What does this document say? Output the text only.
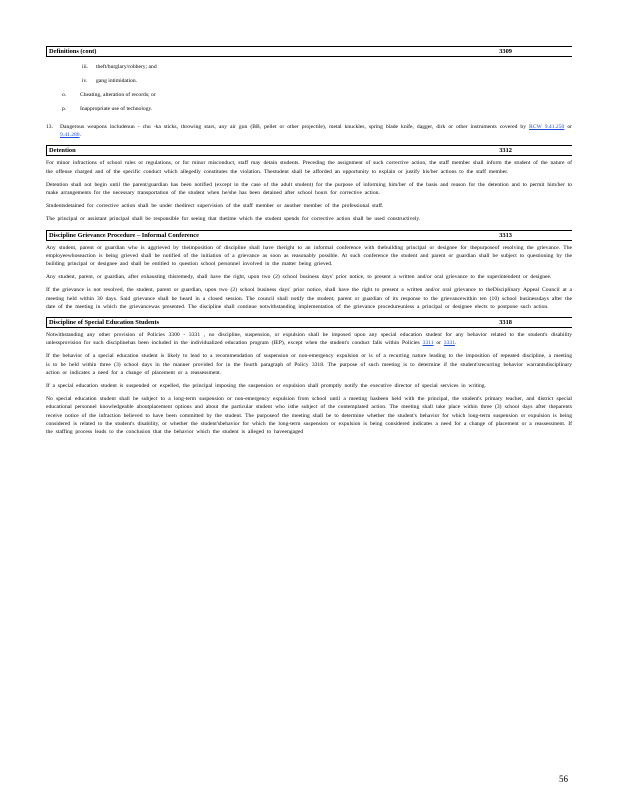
Definitions (cont)	3309
iii.	theft/burglary/robbery; and
iv.	gang intimidation.
o.	Cheating, alteration of records; or
p.	Inappropriate use of technology.
13.	Dangerous weapons includenun - chu -ka sticks, throwing stars, any air gun (BB, pellet or other projectile), metal knuckles, spring blade knife, dagger, dirk or other instruments covered by RCW 9.41.250 or 9.41.280.
Detention	3312

For minor infractions of school rules or regulations, or for minor misconduct, staff may detain students. Preceding the assignment of such corrective action, the staff member shall inform the student of the nature of the offense charged and of the specific conduct which allegedly constitutes the violation. Thestudent shall be afforded an opportunity to explain or justify his/her actions to the staff member.

Detention shall not begin until the parent/guardian has been notified (except in the case of the adult student) for the purpose of informing him/her of the basis and reason for the detention and to permit him/her to make arrangements for the necessary transportation of the student when he/she has been detained after school hours for corrective action.

Studentsdetained for corrective action shall be under thedirect supervision of the staff member or another member of the professional staff.

The principal or assistant principal shall be responsible for seeing that thetime which the student spends for corrective action shall be used constructively.

Discipline Grievance Procedure – Informal Conference	3313

Any student, parent or guardian who is aggrieved by theimposition of discipline shall have theright to an informal conference with thebuilding principal or designee for thepurposeof resolving the grievance. The employeewhoseaction is being grieved shall be notified of the initiation of a grievance as soon as reasonably possible. At such conference the student and parent or guardian shall be subject to questioning by the building principal or designee and shall be entitled to question school personnel involved in the matter being grieved.

Any student, parent, or guardian, after exhausting thisremedy, shall have the right, upon two (2) school business days' prior notice, to present a written and/or oral grievance to the superintendent or designee.

If the grievance is not resolved, the student, parent or guardian, upon two (2) school business days' prior notice, shall have the right to present a written and/or oral grievance to theDisciplinary Appeal Council at a meeting held within 30 days. Said grievance shall be heard in a closed session. The council shall notify the student, parent or guardian of its response to the grievancewithin ten (10) school businessdays after the date of the meeting in which the grievancewas presented. The discipline shall continue notwithstanding implementation of the grievance procedureunless a principal or designee elects to postpone such action.

Discipline of Special Education Students	3318

Notwithstanding any other provision of Policies 3300 - 3331 , no discipline, suspension, or expulsion shall be imposed upon any special education student for any behavior related to the student's disability unlessprovision for such disciplinehas been included in the individualized education program (IEP), except when the student's conduct falls within Policies 3311 or 3331.

If the behavior of a special education student is likely to lead to a recommendation of suspension or non-emergency expulsion or is of a recurring nature leading to the imposition of repeated discipline, a meeting is to be held within three (3) school days in the manner provided for in the fourth paragraph of Policy 3318. The purpose of such meeting is to determine if the student'srecurring behavior warrantsdisciplinary action or indicates a need for a change of placement or a reassessment.

If a special education student is suspended or expelled, the principal imposing the suspension or expulsion shall promptly notify the executive director of special services in writing.

No special education student shall be subject to a long-term suspension or non-emergency expulsion from school until a meeting hasbeen held with the principal, the student's primary teacher, and district special educational personnel knowledgeable aboutplacement options and about the particular student who isthe subject of the contemplated action. The meeting shall take place within three (3) school days after theparents receive notice of the infraction believed to have been committed by the student. The purposeof the meeting shall be to determine whether the student's behavior for which long-term suspension or expulsion is being considered is related to the student's disability, or whether the student'sbehavior for which the long-term suspension or expulsion is being considered indicates a need for a change of placement or a reassessment. If the staffing process leads to the conclusion that the behavior which the student is alleged to haveengaged

56
